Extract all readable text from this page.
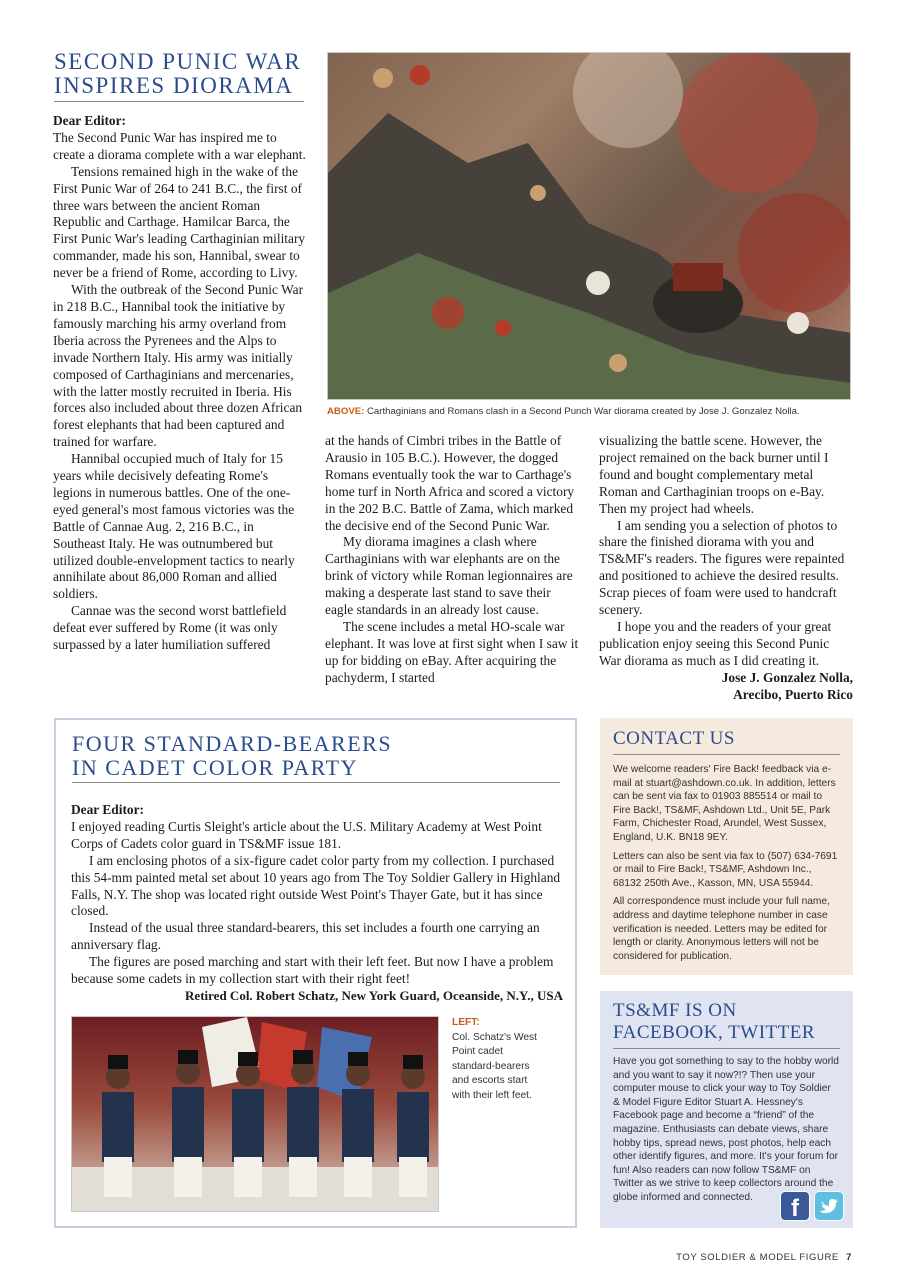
SECOND PUNIC WAR
INSPIRES DIORAMA

Dear Editor:

The Second Punic War has inspired me to create a diorama complete with a war elephant.

Tensions remained high in the wake of the First Punic War of 264 to 241 B.C., the first of three wars between the ancient Roman Republic and Carthage. Hamilcar Barca, the First Punic War's leading Carthaginian military commander, made his son, Hannibal, swear to never be a friend of Rome, according to Livy.

With the outbreak of the Second Punic War in 218 B.C., Hannibal took the initiative by famously marching his army overland from Iberia across the Pyrenees and the Alps to invade Northern Italy. His army was initially composed of Carthaginians and mercenaries, with the latter mostly recruited in Iberia. His forces also included about three dozen African forest elephants that had been captured and trained for warfare.

Hannibal occupied much of Italy for 15 years while decisively defeating Rome's legions in numerous battles. One of the one-eyed general's most famous victories was the Battle of Cannae Aug. 2, 216 B.C., in Southeast Italy. He was outnumbered but utilized double-envelopment tactics to nearly annihilate about 86,000 Roman and allied soldiers.

Cannae was the second worst battlefield defeat ever suffered by Rome (it was only surpassed by a later humiliation suffered

ABOVE: Carthaginians and Romans clash in a Second Punch War diorama created by Jose J. Gonzalez Nolla.

at the hands of Cimbri tribes in the Battle of Arausio in 105 B.C.). However, the dogged Romans eventually took the war to Carthage's home turf in North Africa and scored a victory in the 202 B.C. Battle of Zama, which marked the decisive end of the Second Punic War.

My diorama imagines a clash where Carthaginians with war elephants are on the brink of victory while Roman legionnaires are making a desperate last stand to save their eagle standards in an already lost cause.

The scene includes a metal HO-scale war elephant. It was love at first sight when I saw it up for bidding on eBay. After acquiring the pachyderm, I started

visualizing the battle scene. However, the project remained on the back burner until I found and bought complementary metal Roman and Carthaginian troops on e-Bay. Then my project had wheels.

I am sending you a selection of photos to share the finished diorama with you and TS&MF's readers. The figures were repainted and positioned to achieve the desired results. Scrap pieces of foam were used to handcraft scenery.

I hope you and the readers of your great publication enjoy seeing this Second Punic War diorama as much as I did creating it.

Jose J. Gonzalez Nolla,
Arecibo, Puerto Rico
FOUR STANDARD-BEARERS
IN CADET COLOR PARTY

Dear Editor:

I enjoyed reading Curtis Sleight's article about the U.S. Military Academy at West Point Corps of Cadets color guard in TS&MF issue 181.

I am enclosing photos of a six-figure cadet color party from my collection. I purchased this 54-mm painted metal set about 10 years ago from The Toy Soldier Gallery in Highland Falls, N.Y. The shop was located right outside West Point's Thayer Gate, but it has since closed.

Instead of the usual three standard-bearers, this set includes a fourth one carrying an anniversary flag.

The figures are posed marching and start with their left feet. But now I have a problem because some cadets in my collection start with their right feet!

Retired Col. Robert Schatz, New York Guard, Oceanside, N.Y., USA
LEFT:
Col. Schatz's West Point cadet standard-bearers and escorts start with their left feet.
CONTACT US

We welcome readers' Fire Back! feedback via e-mail at stuart@ashdown.co.uk. In addition, letters can be sent via fax to 01903 885514 or mail to Fire Back!, TS&MF, Ashdown Ltd., Unit 5E, Park Farm, Chichester Road, Arundel, West Sussex, England, U.K. BN18 9EY.

Letters can also be sent via fax to (507) 634-7691 or mail to Fire Back!, TS&MF, Ashdown Inc., 68132 250th Ave., Kasson, MN, USA 55944.

All correspondence must include your full name, address and daytime telephone number in case verification is needed. Letters may be edited for length or clarity. Anonymous letters will not be considered for publication.

TS&MF IS ON
FACEBOOK, TWITTER

Have you got something to say to the hobby world and you want to say it now?!? Then use your computer mouse to click your way to Toy Soldier & Model Figure Editor Stuart A. Hessney's Facebook page and become a “friend” of the magazine. Enthusiasts can debate views, share hobby tips, spread news, post photos, help each other identify figures, and more. It's your forum for fun! Also readers can now follow TS&MF on Twitter as we strive to keep collectors around the globe informed and connected.	f
TOY SOLDIER & MODEL FIGURE 7
